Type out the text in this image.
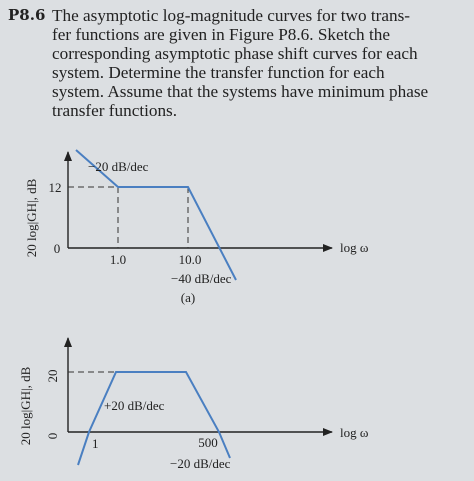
P8.6 The asymptotic log-magnitude curves for two trans-
fer functions are given in Figure P8.6. Sketch the
corresponding asymptotic phase shift curves for each
system. Determine the transfer function for each
system. Assume that the systems have minimum phase
transfer functions.
20 log|GH|, dB 12
0
1.0	10.0
−20 dB/dec
−40 dB/dec
log ω
(a)
20 log|GH|, dB 20
0 1	500
+20 dB/dec
−20 dB/dec
log ω
